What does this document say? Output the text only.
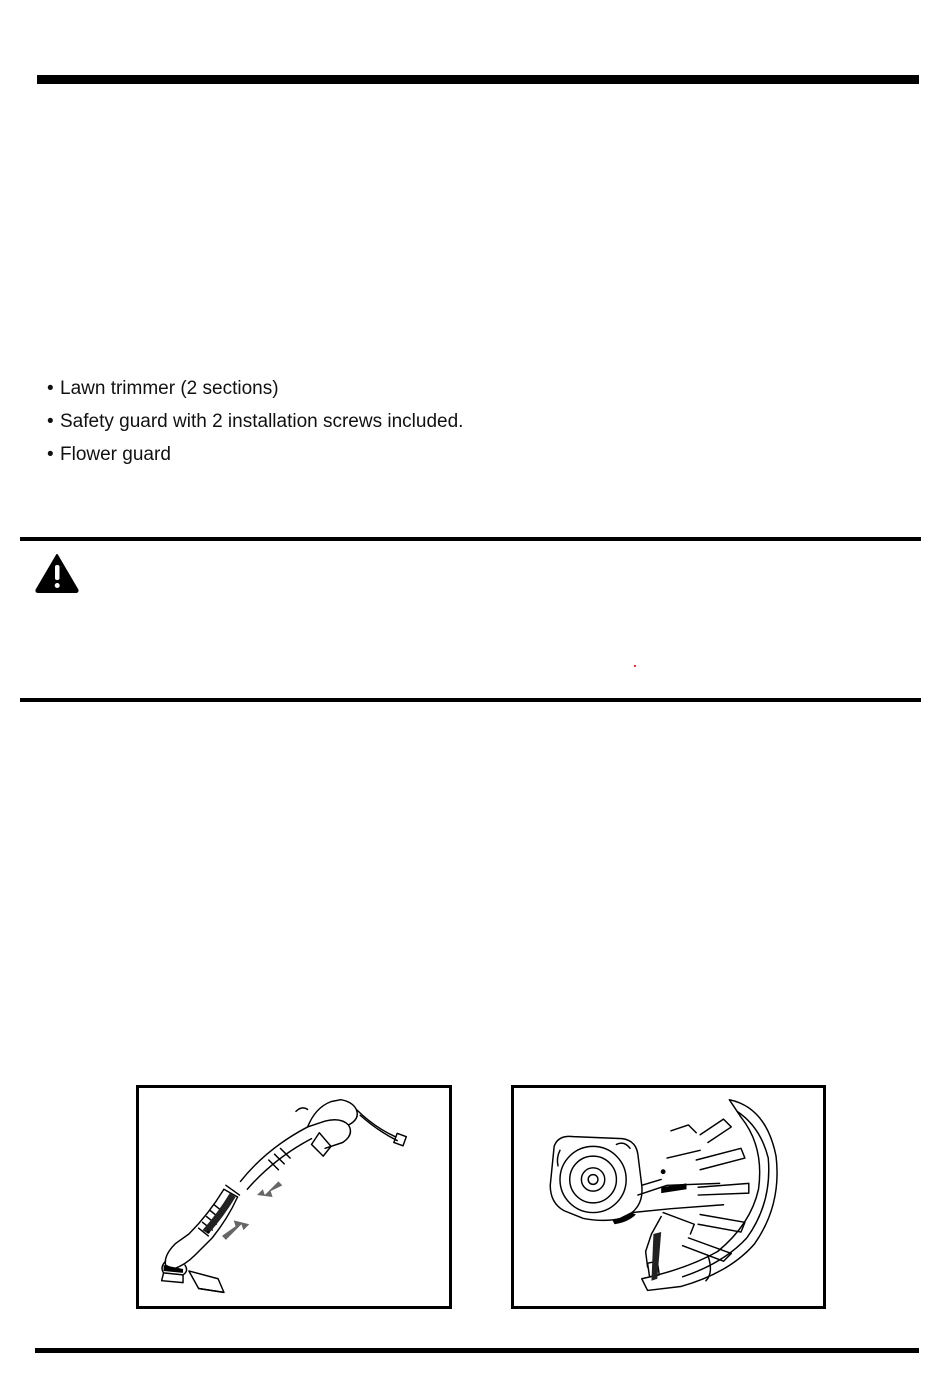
• Lawn trimmer (2 sections)
• Safety guard with 2 installation screws included.
• Flower guard
